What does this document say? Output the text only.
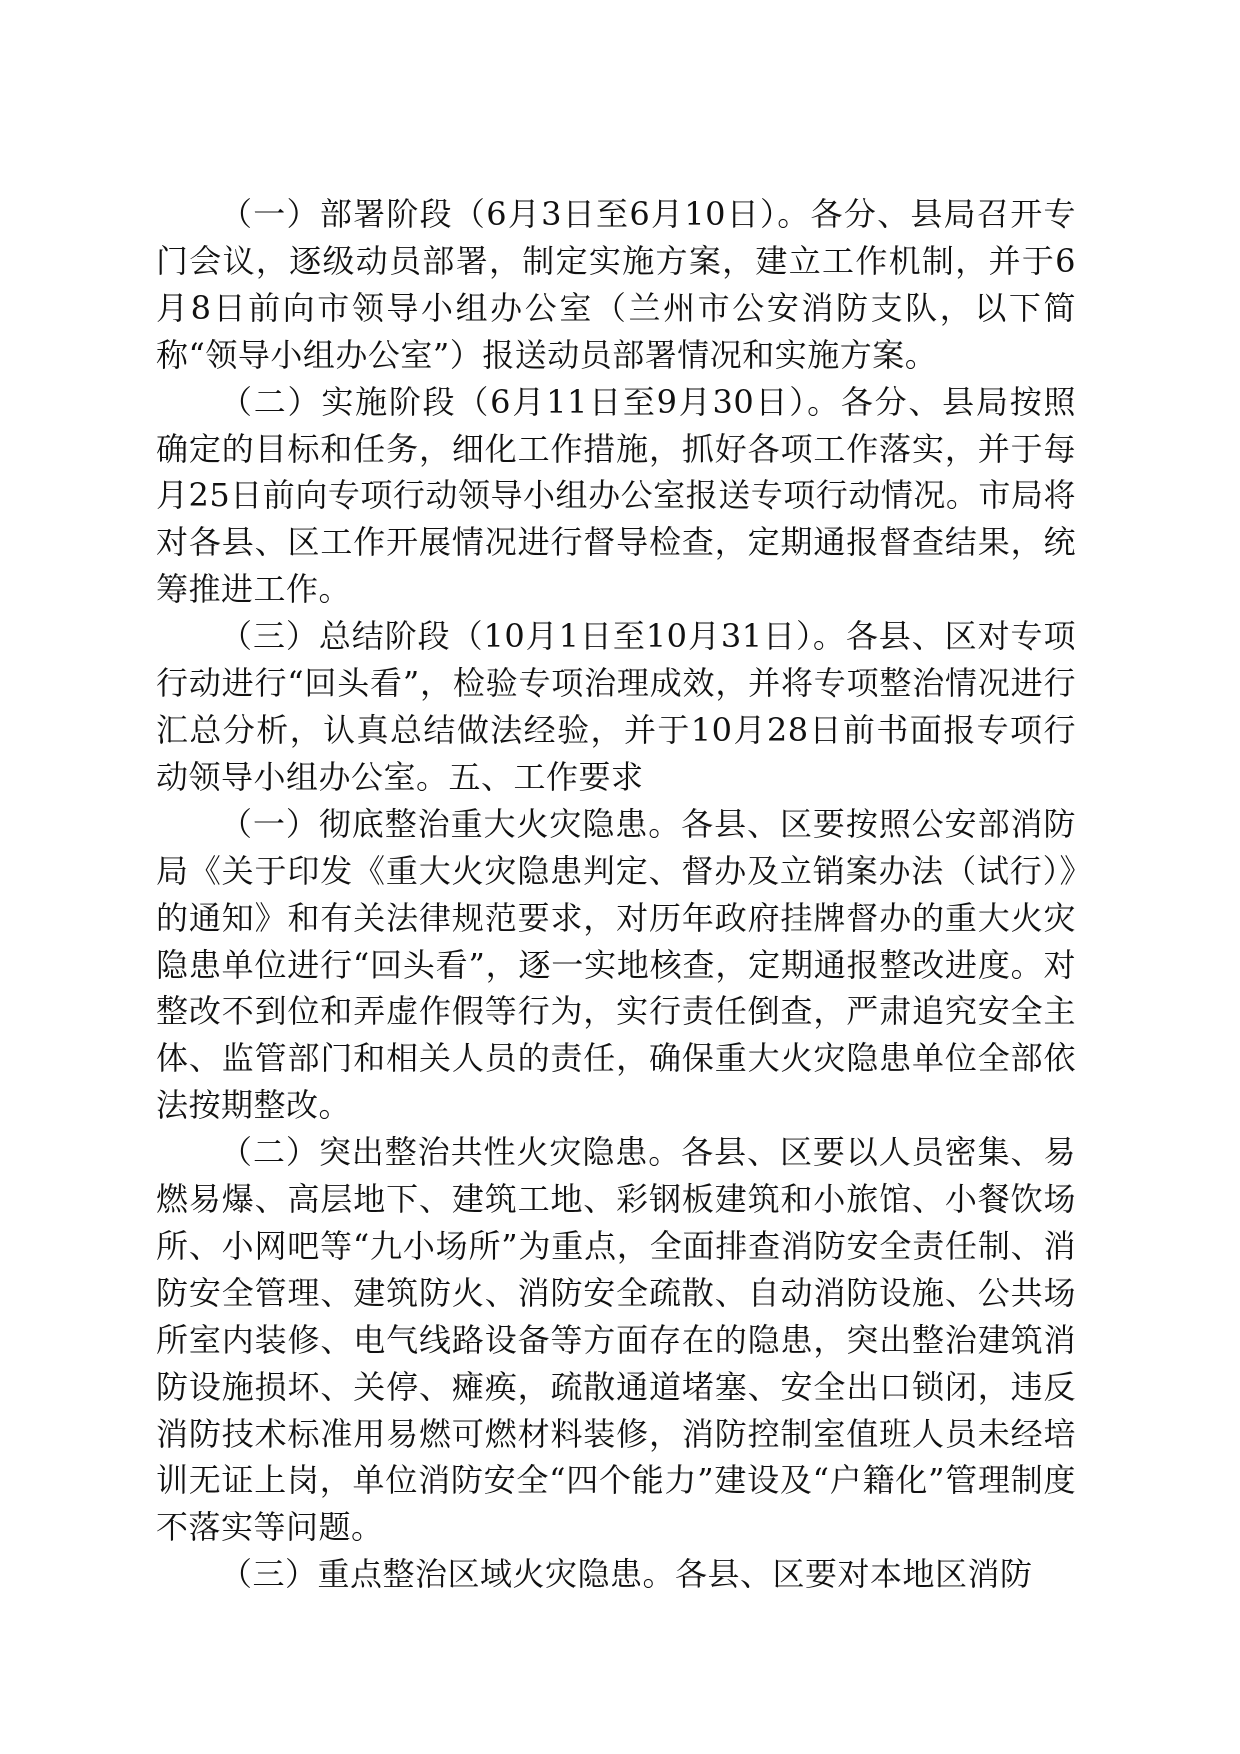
（一）部署阶段（6月3日至6月10日）。各分、县局召开专门会议，逐级动员部署，制定实施方案，建立工作机制，并于6月8日前向市领导小组办公室（兰州市公安消防支队，以下简称“领导小组办公室”）报送动员部署情况和实施方案。

（二）实施阶段（6月11日至9月30日）。各分、县局按照确定的目标和任务，细化工作措施，抓好各项工作落实，并于每月25日前向专项行动领导小组办公室报送专项行动情况。市局将对各县、区工作开展情况进行督导检查，定期通报督查结果，统筹推进工作。

（三）总结阶段（10月1日至10月31日）。各县、区对专项行动进行“回头看”，检验专项治理成效，并将专项整治情况进行汇总分析，认真总结做法经验，并于10月28日前书面报专项行动领导小组办公室。五、工作要求

（一）彻底整治重大火灾隐患。各县、区要按照公安部消防局《关于印发《重大火灾隐患判定、督办及立销案办法（试行）》的通知》和有关法律规范要求，对历年政府挂牌督办的重大火灾隐患单位进行“回头看”，逐一实地核查，定期通报整改进度。对整改不到位和弄虚作假等行为，实行责任倒查，严肃追究安全主体、监管部门和相关人员的责任，确保重大火灾隐患单位全部依法按期整改。

（二）突出整治共性火灾隐患。各县、区要以人员密集、易燃易爆、高层地下、建筑工地、彩钢板建筑和小旅馆、小餐饮场所、小网吧等“九小场所”为重点，全面排查消防安全责任制、消防安全管理、建筑防火、消防安全疏散、自动消防设施、公共场所室内装修、电气线路设备等方面存在的隐患，突出整治建筑消防设施损坏、关停、瘫痪，疏散通道堵塞、安全出口锁闭，违反消防技术标准用易燃可燃材料装修，消防控制室值班人员未经培训无证上岗，单位消防安全“四个能力”建设及“户籍化”管理制度不落实等问题。

（三）重点整治区域火灾隐患。各县、区要对本地区消防
